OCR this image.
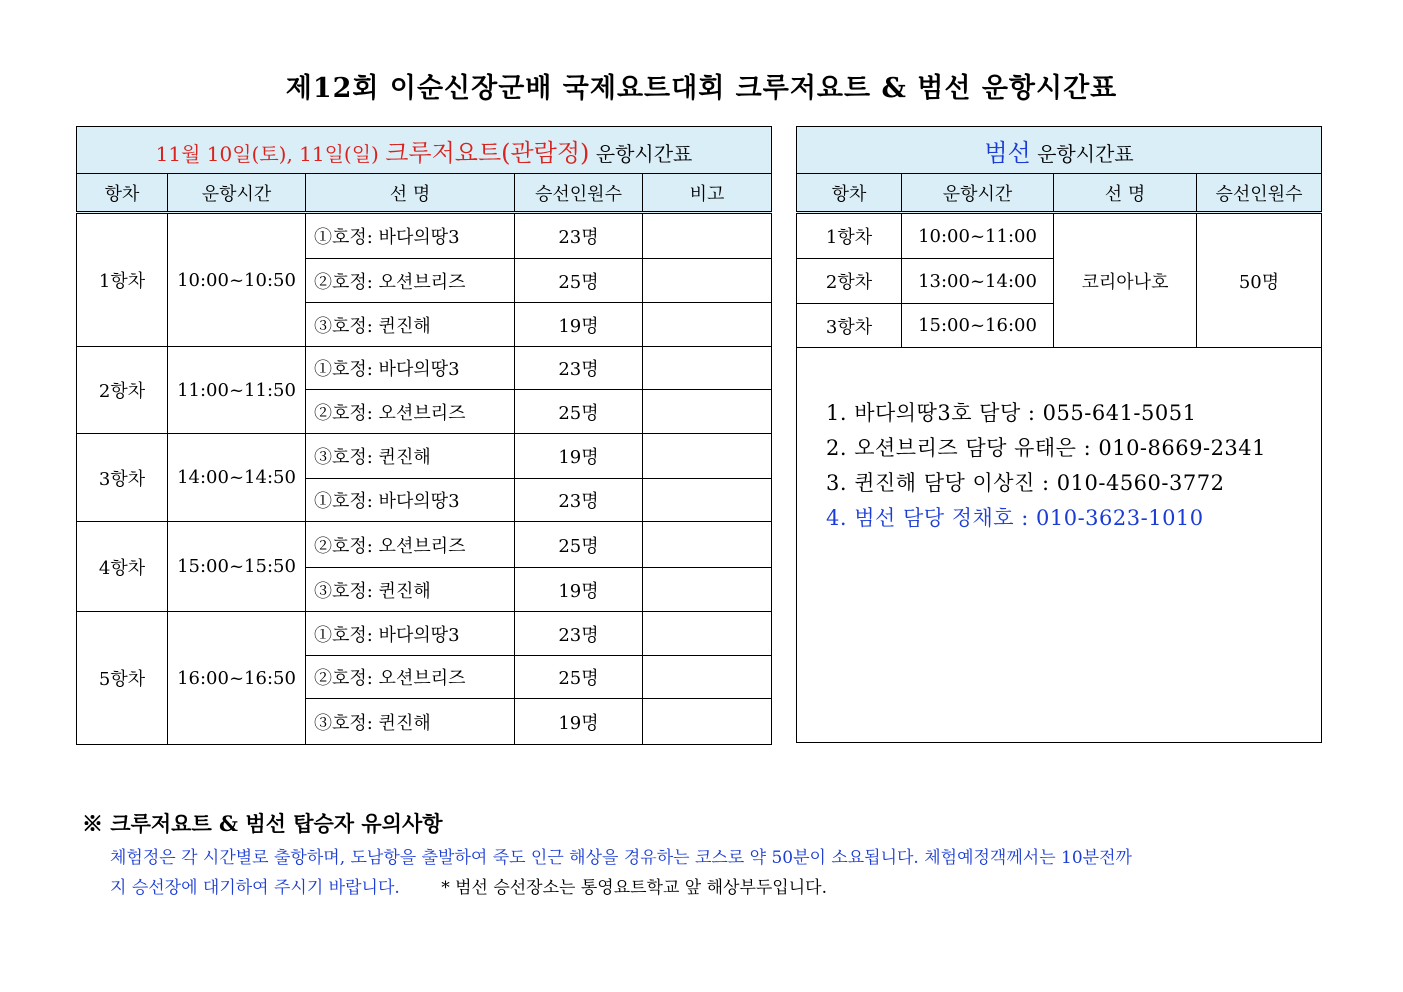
제12회 이순신장군배 국제요트대회 크루저요트 & 범선 운항시간표
11월 10일(토), 11일(일) 크루저요트(관람정) 운항시간표				
항차	운항시간	선 명	승선인원수	비고
1항차	10:00~10:50	①호정: 바다의땅3	23명	
		②호정: 오션브리즈	25명	
		③호정: 퀸진해	19명	
2항차	11:00~11:50	①호정: 바다의땅3	23명	
		②호정: 오션브리즈	25명	
3항차	14:00~14:50	③호정: 퀸진해	19명	
		①호정: 바다의땅3	23명	
4항차	15:00~15:50	②호정: 오션브리즈	25명	
		③호정: 퀸진해	19명	
5항차	16:00~16:50	①호정: 바다의땅3	23명	
		②호정: 오션브리즈	25명	
		③호정: 퀸진해	19명	
범선 운항시간표			
항차	운항시간	선 명	승선인원수
1항차	10:00~11:00	코리아나호	50명
2항차	13:00~14:00		
3항차	15:00~16:00		

1. 바다의땅3호 담당 : 055-641-5051
2. 오션브리즈 담당 유태은 : 010-8669-2341
3. 퀸진해 담당 이상진 : 010-4560-3772
4. 범선 담당 정채호 : 010-3623-1010
※ 크루저요트 & 범선 탑승자 유의사항
체험정은 각 시간별로 출항하며, 도남항을 출발하여 죽도 인근 해상을 경유하는 코스로 약 50분이 소요됩니다. 체험예정객께서는 10분전까
지 승선장에 대기하여 주시기 바랍니다. * 범선 승선장소는 통영요트학교 앞 해상부두입니다.
